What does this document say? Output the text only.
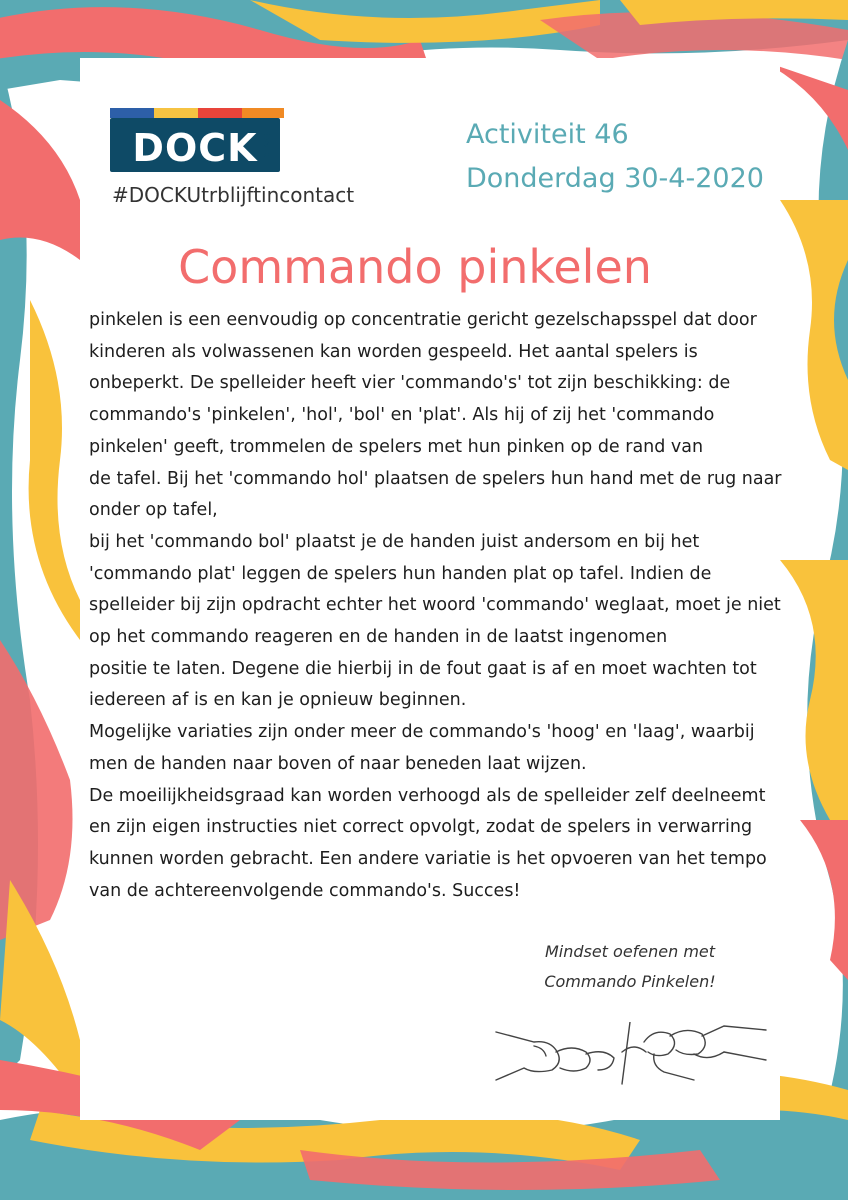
DOCK dock.nl
#DOCKUtrblijftincontact
Activiteit 46
Donderdag 30-4-2020
Commando pinkelen
pinkelen is een eenvoudig op concentratie gericht gezelschapsspel dat door
kinderen als volwassenen kan worden gespeeld. Het aantal spelers is
onbeperkt. De spelleider heeft vier 'commando's' tot zijn beschikking: de
commando's 'pinkelen', 'hol', 'bol' en 'plat'. Als hij of zij het 'commando
pinkelen' geeft, trommelen de spelers met hun pinken op de rand van
de tafel. Bij het 'commando hol' plaatsen de spelers hun hand met de rug naar
onder op tafel,
bij het 'commando bol' plaatst je de handen juist andersom en bij het
'commando plat' leggen de spelers hun handen plat op tafel. Indien de
spelleider bij zijn opdracht echter het woord 'commando' weglaat, moet je niet
op het commando reageren en de handen in de laatst ingenomen
positie te laten. Degene die hierbij in de fout gaat is af en moet wachten tot
iedereen af is en kan je opnieuw beginnen.
Mogelijke variaties zijn onder meer de commando's 'hoog' en 'laag', waarbij
men de handen naar boven of naar beneden laat wijzen.
De moeilijkheidsgraad kan worden verhoogd als de spelleider zelf deelneemt
en zijn eigen instructies niet correct opvolgt, zodat de spelers in verwarring
kunnen worden gebracht. Een andere variatie is het opvoeren van het tempo
van de achtereenvolgende commando's. Succes!
Mindset oefenen met
Commando Pinkelen!
